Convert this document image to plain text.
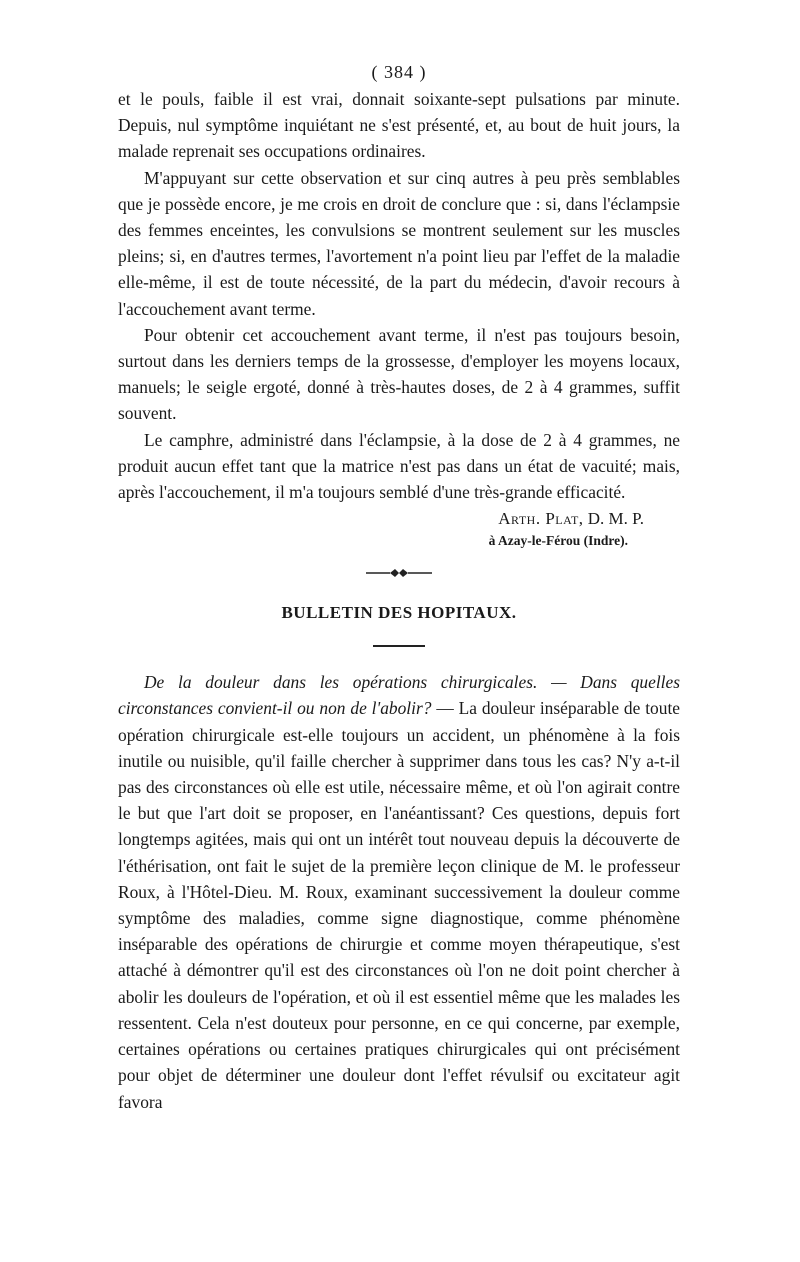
( 384 )

et le pouls, faible il est vrai, donnait soixante-sept pulsations par minute. Depuis, nul symptôme inquiétant ne s'est présenté, et, au bout de huit jours, la malade reprenait ses occupations ordinaires.

M'appuyant sur cette observation et sur cinq autres à peu près semblables que je possède encore, je me crois en droit de conclure que : si, dans l'éclampsie des femmes enceintes, les convulsions se montrent seulement sur les muscles pleins; si, en d'autres termes, l'avortement n'a point lieu par l'effet de la maladie elle-même, il est de toute nécessité, de la part du médecin, d'avoir recours à l'accouchement avant terme.

Pour obtenir cet accouchement avant terme, il n'est pas toujours besoin, surtout dans les derniers temps de la grossesse, d'employer les moyens locaux, manuels; le seigle ergoté, donné à très-hautes doses, de 2 à 4 grammes, suffit souvent.

Le camphre, administré dans l'éclampsie, à la dose de 2 à 4 grammes, ne produit aucun effet tant que la matrice n'est pas dans un état de vacuité; mais, après l'accouchement, il m'a toujours semblé d'une très-grande efficacité.

Arth. Plat, D. M. P.
à Azay-le-Férou (Indre).
BULLETIN DES HOPITAUX.

De la douleur dans les opérations chirurgicales. — Dans quelles circonstances convient-il ou non de l'abolir? — La douleur inséparable de toute opération chirurgicale est-elle toujours un accident, un phénomène à la fois inutile ou nuisible, qu'il faille chercher à supprimer dans tous les cas? N'y a-t-il pas des circonstances où elle est utile, nécessaire même, et où l'on agirait contre le but que l'art doit se proposer, en l'anéantissant? Ces questions, depuis fort longtemps agitées, mais qui ont un intérêt tout nouveau depuis la découverte de l'éthérisation, ont fait le sujet de la première leçon clinique de M. le professeur Roux, à l'Hôtel-Dieu. M. Roux, examinant successivement la douleur comme symptôme des maladies, comme signe diagnostique, comme phénomène inséparable des opérations de chirurgie et comme moyen thérapeutique, s'est attaché à démontrer qu'il est des circonstances où l'on ne doit point chercher à abolir les douleurs de l'opération, et où il est essentiel même que les malades les ressentent. Cela n'est douteux pour personne, en ce qui concerne, par exemple, certaines opérations ou certaines pratiques chirurgicales qui ont précisément pour objet de déterminer une douleur dont l'effet révulsif ou excitateur agit favora
